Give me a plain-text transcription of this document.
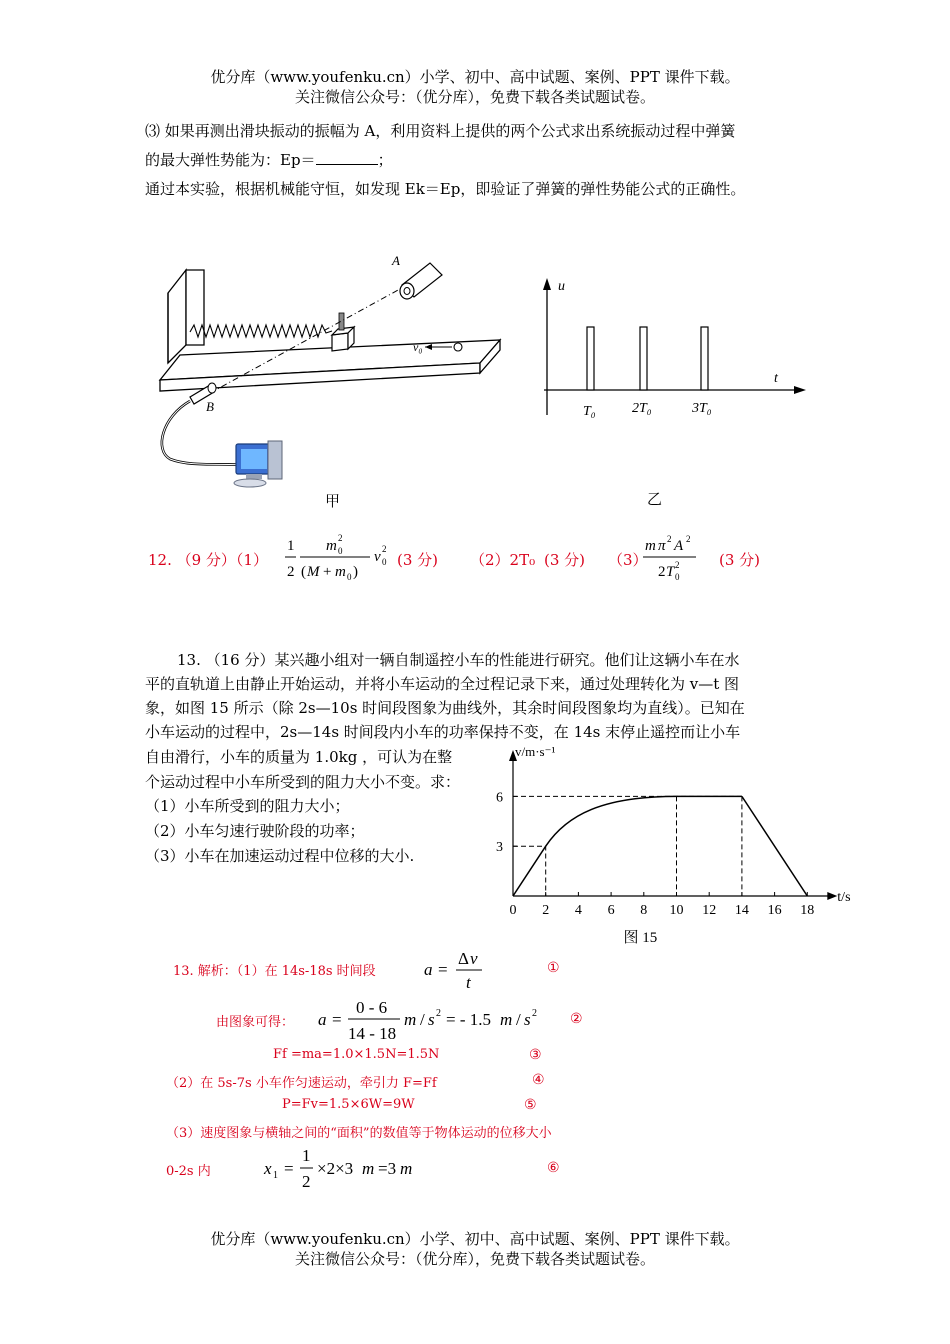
优分库（www.youfenku.cn）小学、初中、高中试题、案例、PPT 课件下载。
关注微信公众号：（优分库），免费下载各类试题试卷。
⑶ 如果再测出滑块振动的振幅为 A，利用资料上提供的两个公式求出系统振动过程中弹簧
的最大弹性势能为：Ep＝	；
通过本实验，根据机械能守恒，如发现 Ek＝Ep，即验证了弹簧的弹性势能公式的正确性。
v₀
A
B
甲
u
t
T₀	2T₀	3T₀
乙
12. （9 分）（1）
1
2
m 0
2
( M + m 0 )
v 0
2
(3 分) （2）2T₀ (3 分) （3）
m π 2 A 2
2 T 0
2	(3 分)
13. （16 分）某兴趣小组对一辆自制遥控小车的性能进行研究。他们让这辆小车在水
平的直轨道上由静止开始运动，并将小车运动的全过程记录下来，通过处理转化为 v—t 图
象，如图 15 所示（除 2s—10s 时间段图象为曲线外，其余时间段图象均为直线）。已知在
小车运动的过程中，2s—14s 时间段内小车的功率保持不变，在 14s 末停止遥控而让小车
自由滑行，小车的质量为 1.0kg ，可认为在整
个运动过程中小车所受到的阻力大小不变。求：
（1）小车所受到的阻力大小；
（2）小车匀速行驶阶段的功率；
（3）小车在加速运动过程中位移的大小.
0 2 4 6 8 10 12 14 16 18
3
6
v/m·s⁻¹
t/s
图 15
13. 解析：（1）在 14s-18s 时间段	a =
Δ v
t
①
由图象可得： a =
0 - 6
14 - 18
m / s 2 = - 1.5 m / s 2 ②
Ff =ma=1.0×1.5N=1.5N	③
（2）在 5s-7s 小车作匀速运动，牵引力 F=Ff	④
P=Fv=1.5×6W=9W	⑤
（3）速度图象与横轴之间的“面积”的数值等于物体运动的位移大小
0-2s 内	x 1 =
1
2
×2×3 m =3 m	⑥
优分库（www.youfenku.cn）小学、初中、高中试题、案例、PPT 课件下载。
关注微信公众号：（优分库），免费下载各类试题试卷。
